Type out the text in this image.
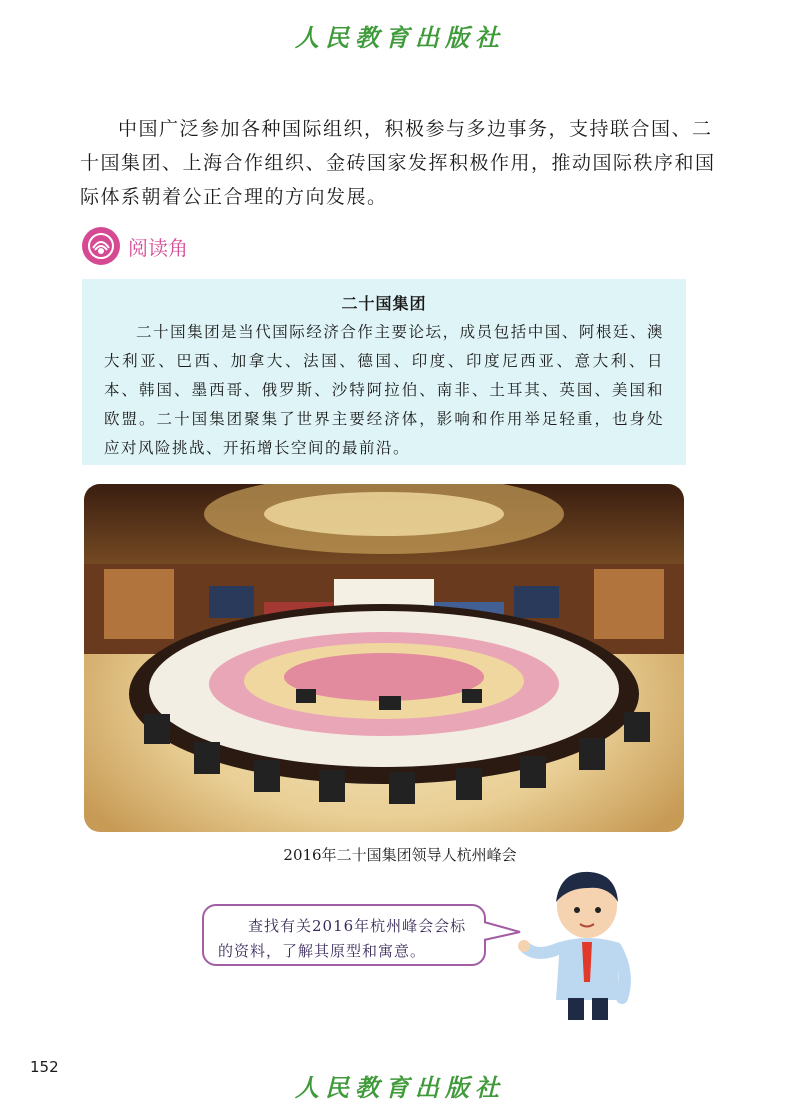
人民教育出版社
中国广泛参加各种国际组织，积极参与多边事务，支持联合国、二十国集团、上海合作组织、金砖国家发挥积极作用，推动国际秩序和国际体系朝着公正合理的方向发展。
阅读角
二十国集团
二十国集团是当代国际经济合作主要论坛，成员包括中国、阿根廷、澳大利亚、巴西、加拿大、法国、德国、印度、印度尼西亚、意大利、日本、韩国、墨西哥、俄罗斯、沙特阿拉伯、南非、土耳其、英国、美国和欧盟。二十国集团聚集了世界主要经济体，影响和作用举足轻重，也身处应对风险挑战、开拓增长空间的最前沿。
2016年二十国集团领导人杭州峰会
查找有关2016年杭州峰会会标的资料，了解其原型和寓意。
152
人民教育出版社
